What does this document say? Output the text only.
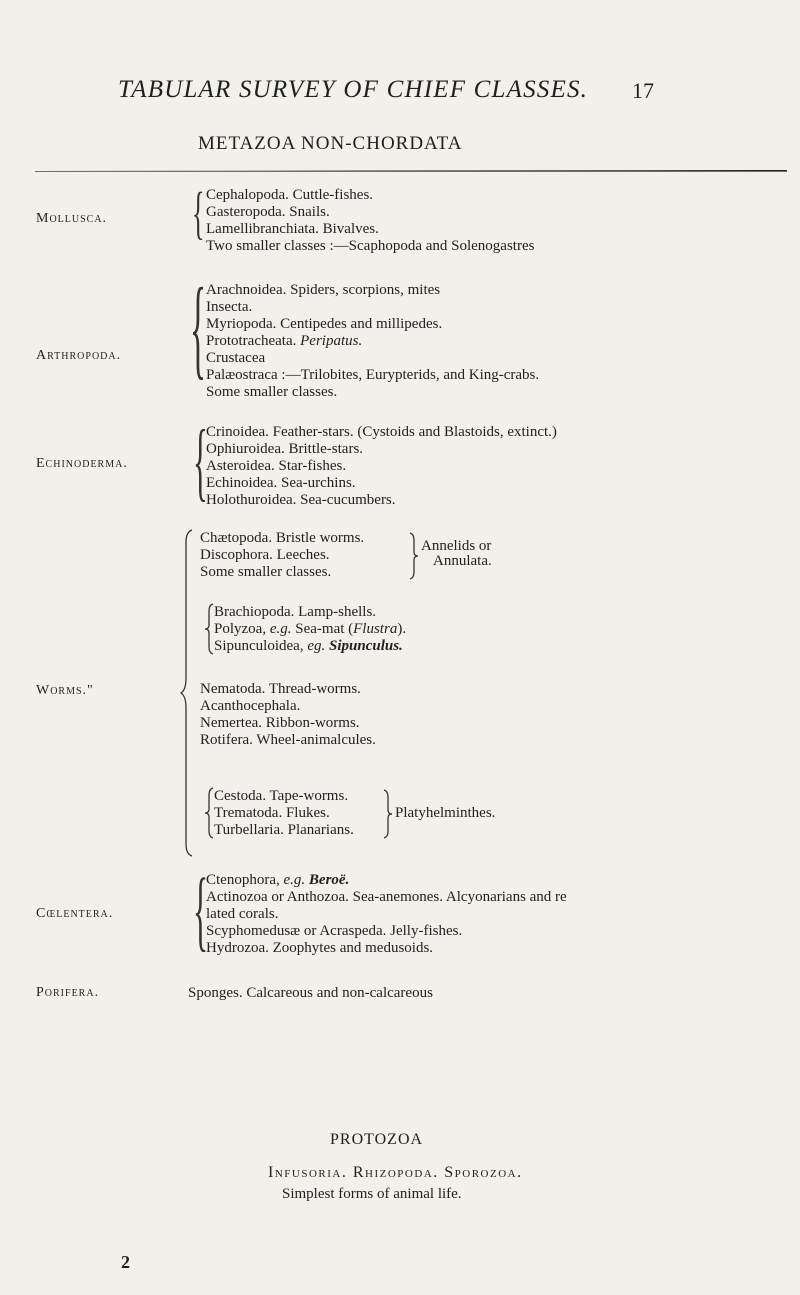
TABULAR SURVEY OF CHIEF CLASSES. 17
METAZOA NON-CHORDATA
Mollusca. { Cephalopoda. Cuttle-fishes.
Gasteropoda. Snails.
Lamellibranchiata. Bivalves.
Two smaller classes :—Scaphopoda and Solenogastres
Arthropoda. { Arachnoidea. Spiders, scorpions, mites
Insecta.
Myriopoda. Centipedes and millipedes.
Prototracheata. Peripatus.
Crustacea
Palæostraca :—Trilobites, Eurypterids, and King-crabs.
Some smaller classes.
Echinoderma. {
Crinoidea. Feather-stars. (Cystoids and Blastoids, extinct.)
Ophiuroidea. Brittle-stars.
Asteroidea. Star-fishes.
Echinoidea. Sea-urchins.
Holothuroidea. Sea-cucumbers.
Worms."
Chætopoda. Bristle worms.
Discophora. Leeches.
Some smaller classes.
Annelids or
Annulata.
Brachiopoda. Lamp-shells.
Polyzoa, e.g. Sea-mat (Flustra).
Sipunculoidea, eg. Sipunculus.
Nematoda. Thread-worms.
Acanthocephala.
Nemertea. Ribbon-worms.
Rotifera. Wheel-animalcules.
Cestoda. Tape-worms.
Trematoda. Flukes.
Turbellaria. Planarians.
Platyhelminthes.
Cœlentera. {
Ctenophora, e.g. Beroë.
Actinozoa or Anthozoa. Sea-anemones. Alcyonarians and re
lated corals.
Scyphomedusæ or Acraspeda. Jelly-fishes.
Hydrozoa. Zoophytes and medusoids.
Porifera.	Sponges. Calcareous and non-calcareous
PROTOZOA
Infusoria. Rhizopoda. Sporozoa.
Simplest forms of animal life.
2
